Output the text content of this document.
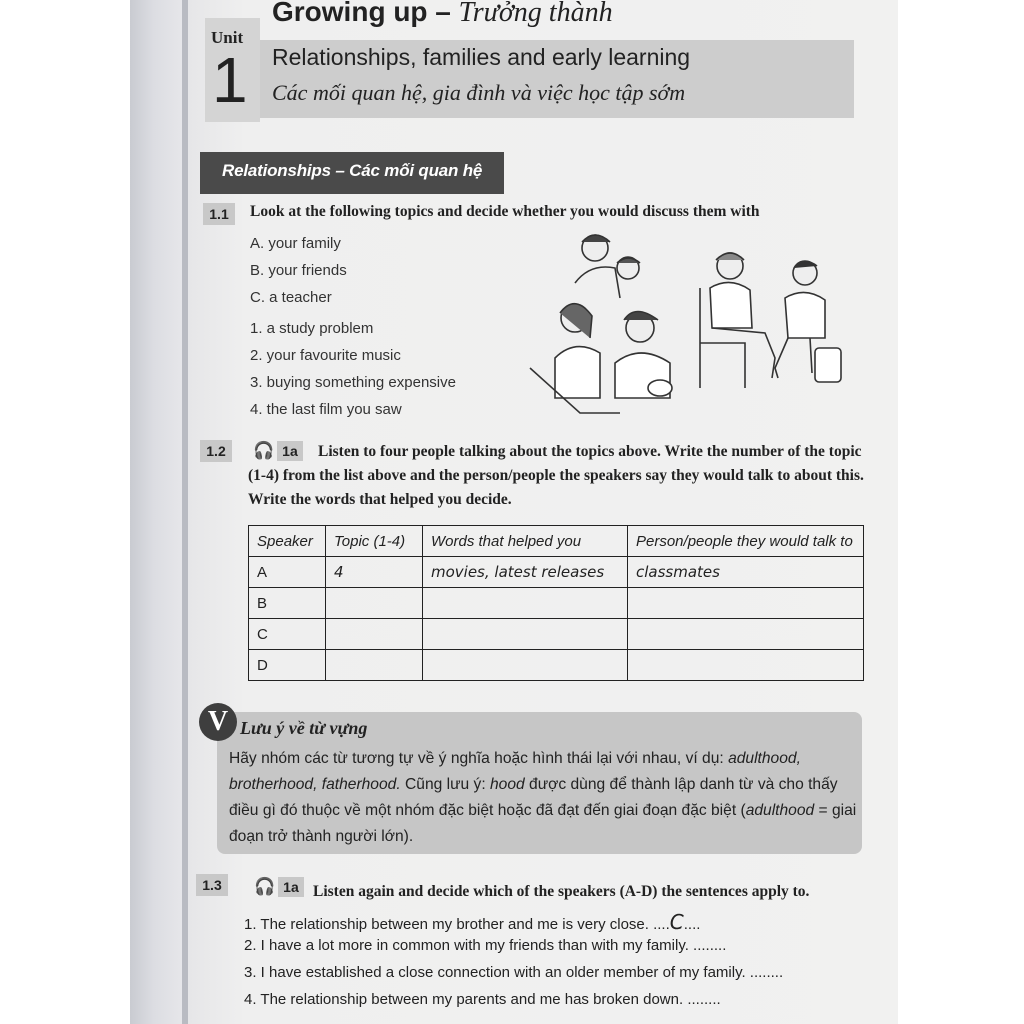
Unit
1
Growing up – Trưởng thành
Relationships, families and early learning
Các mối quan hệ, gia đình và việc học tập sớm
Relationships – Các mối quan hệ
1.1	Look at the following topics and decide whether you would discuss them with
A. your family
B. your friends
C. a teacher
1. a study problem
2. your favourite music
3. buying something expensive
4. the last film you saw
1.2	🎧 1a	Listen to four people talking about the topics above. Write the number of the topic (1-4) from the list above and the person/people the speakers say they would talk to about this. Write the words that helped you decide.
Speaker	Topic (1-4)	Words that helped you	Person/people they would talk to
A	4	movies, latest releases	classmates
B			
C			
D			
V Lưu ý về từ vựng
Hãy nhóm các từ tương tự về ý nghĩa hoặc hình thái lại với nhau, ví dụ: adulthood, brotherhood, fatherhood. Cũng lưu ý: hood được dùng để thành lập danh từ và cho thấy điều gì đó thuộc về một nhóm đặc biệt hoặc đã đạt đến giai đoạn đặc biệt (adulthood = giai đoạn trở thành người lớn).
1.3	🎧 1a Listen again and decide which of the speakers (A-D) the sentences apply to.
1. The relationship between my brother and me is very close. ....C....
2. I have a lot more in common with my friends than with my family. ........
3. I have established a close connection with an older member of my family. ........
4. The relationship between my parents and me has broken down. ........
